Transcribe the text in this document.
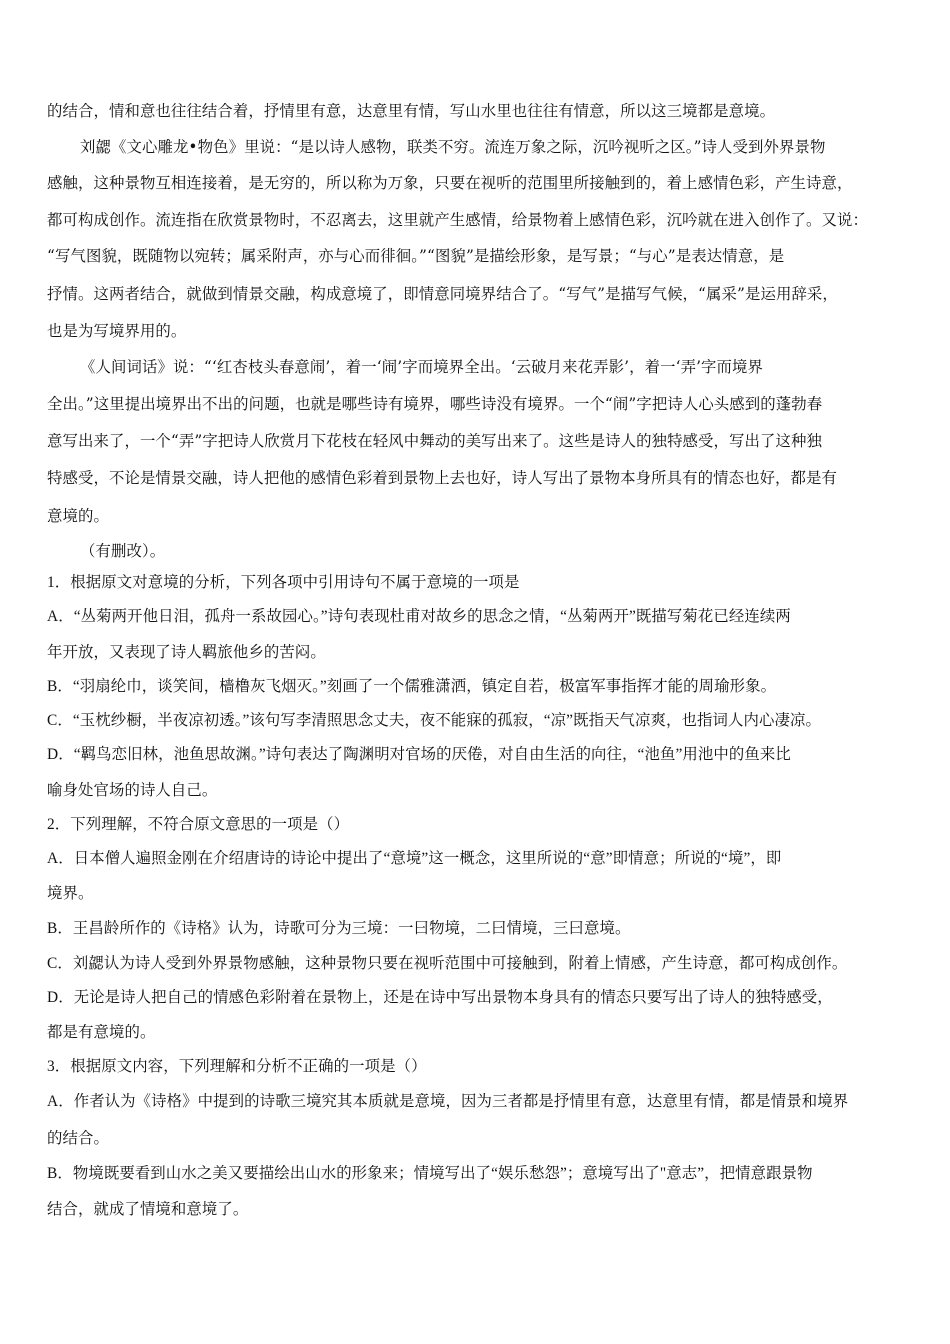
的结合，情和意也往往结合着，抒情里有意，达意里有情，写山水里也往往有情意，所以这三境都是意境。

刘勰《文心雕龙•物色》里说：“是以诗人感物，联类不穷。流连万象之际，沉吟视听之区。”诗人受到外界景物

感触，这种景物互相连接着，是无穷的，所以称为万象，只要在视听的范围里所接触到的，着上感情色彩，产生诗意，

都可构成创作。流连指在欣赏景物时，不忍离去，这里就产生感情，给景物着上感情色彩，沉吟就在进入创作了。又说：

“写气图貌，既随物以宛转；属采附声，亦与心而徘徊。”“图貌”是描绘形象，是写景；“与心”是表达情意，是

抒情。这两者结合，就做到情景交融，构成意境了，即情意同境界结合了。“写气”是描写气候，“属采”是运用辞采，

也是为写境界用的。

《人间词话》说：“‘红杏枝头春意闹’，着一‘闹’字而境界全出。‘云破月来花弄影’，着一‘弄’字而境界

全出。”这里提出境界出不出的问题，也就是哪些诗有境界，哪些诗没有境界。一个“闹”字把诗人心头感到的蓬勃春

意写出来了，一个“弄”字把诗人欣赏月下花枝在轻风中舞动的美写出来了。这些是诗人的独特感受，写出了这种独

特感受，不论是情景交融，诗人把他的感情色彩着到景物上去也好，诗人写出了景物本身所具有的情态也好，都是有

意境的。

（有删改）。

1．根据原文对意境的分析，下列各项中引用诗句不属于意境的一项是

A．“丛菊两开他日泪，孤舟一系故园心。”诗句表现杜甫对故乡的思念之情，“丛菊两开”既描写菊花已经连续两

年开放，又表现了诗人羁旅他乡的苦闷。

B．“羽扇纶巾，谈笑间，樯橹灰飞烟灭。”刻画了一个儒雅潇洒，镇定自若，极富军事指挥才能的周瑜形象。

C．“玉枕纱橱，半夜凉初透。”该句写李清照思念丈夫，夜不能寐的孤寂，“凉”既指天气凉爽，也指词人内心凄凉。

D．“羁鸟恋旧林，池鱼思故渊。”诗句表达了陶渊明对官场的厌倦，对自由生活的向往，“池鱼”用池中的鱼来比

喻身处官场的诗人自己。

2．下列理解，不符合原文意思的一项是（）

A．日本僧人遍照金刚在介绍唐诗的诗论中提出了“意境”这一概念，这里所说的“意”即情意；所说的“境”，即

境界。

B．王昌龄所作的《诗格》认为，诗歌可分为三境：一曰物境，二曰情境，三曰意境。

C．刘勰认为诗人受到外界景物感触，这种景物只要在视听范围中可接触到，附着上情感，产生诗意，都可构成创作。

D．无论是诗人把自己的情感色彩附着在景物上，还是在诗中写出景物本身具有的情态只要写出了诗人的独特感受，

都是有意境的。

3．根据原文内容，下列理解和分析不正确的一项是（）

A．作者认为《诗格》中提到的诗歌三境究其本质就是意境，因为三者都是抒情里有意，达意里有情，都是情景和境界

的结合。

B．物境既要看到山水之美又要描绘出山水的形象来；情境写出了“娱乐愁怨”；意境写出了"意志”，把情意跟景物

结合，就成了情境和意境了。
